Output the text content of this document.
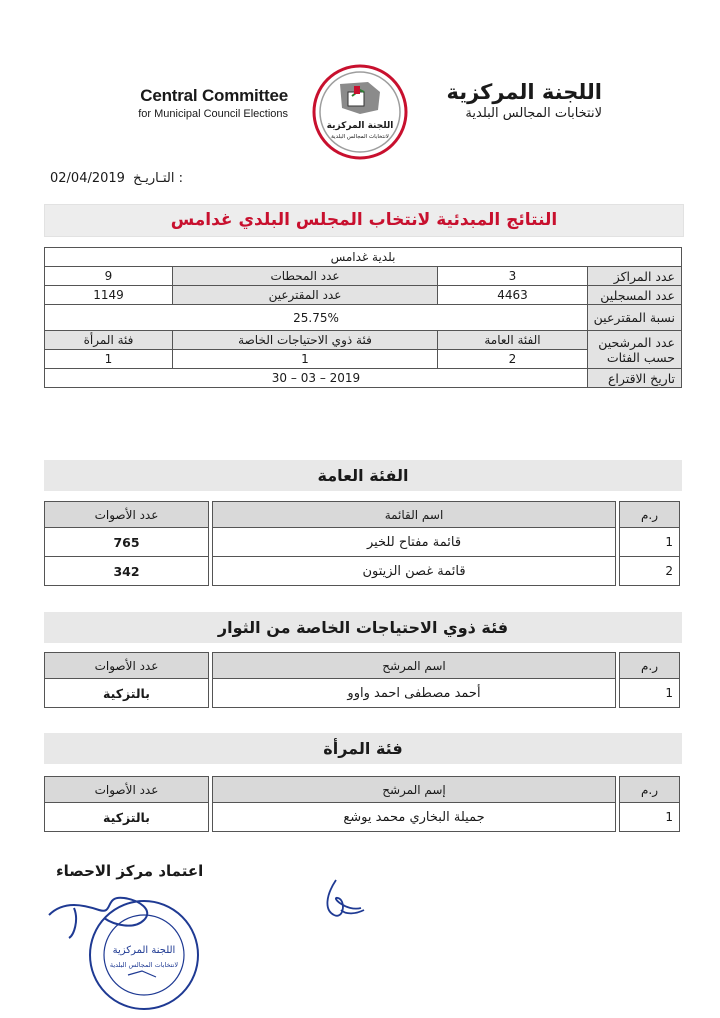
Central Committee
for Municipal Council Elections
اللجنة المركزية
لانتخابات المجالس البلدية
اللجنة المركزية
لانتخابات المجالس البلدية
02/04/2019 التـاريـخ :
النتائج المبدئية لانتخاب المجلس البلدي غدامس
بلدية غدامس			
عدد المراكز	3	عدد المحطات	9
عدد المسجلين	4463	عدد المقترعين	1149
نسبة المقترعين	25.75%		
عدد المرشحين حسب الفئات	الفئة العامة	فئة ذوي الاحتياجات الخاصة	فئة المرأة
	2	1	1
تاريخ الاقتراع	2019 – 03 – 30		
الفئة العامة
ر.م		اسم القائمة		عدد الأصوات
1		قائمة مفتاح للخير		765
2		قائمة غصن الزيتون		342
فئة ذوي الاحتياجات الخاصة من الثوار
ر.م		اسم المرشح		عدد الأصوات
1		أحمد مصطفى احمد واوو		بالتزكية
فئة المرأة
ر.م		إسم المرشح		عدد الأصوات
1		جميلة البخاري محمد يوشع		بالتزكية
اعتماد مركز الاحصاء
اللجنة المركزية
لانتخابات المجالس البلدية
